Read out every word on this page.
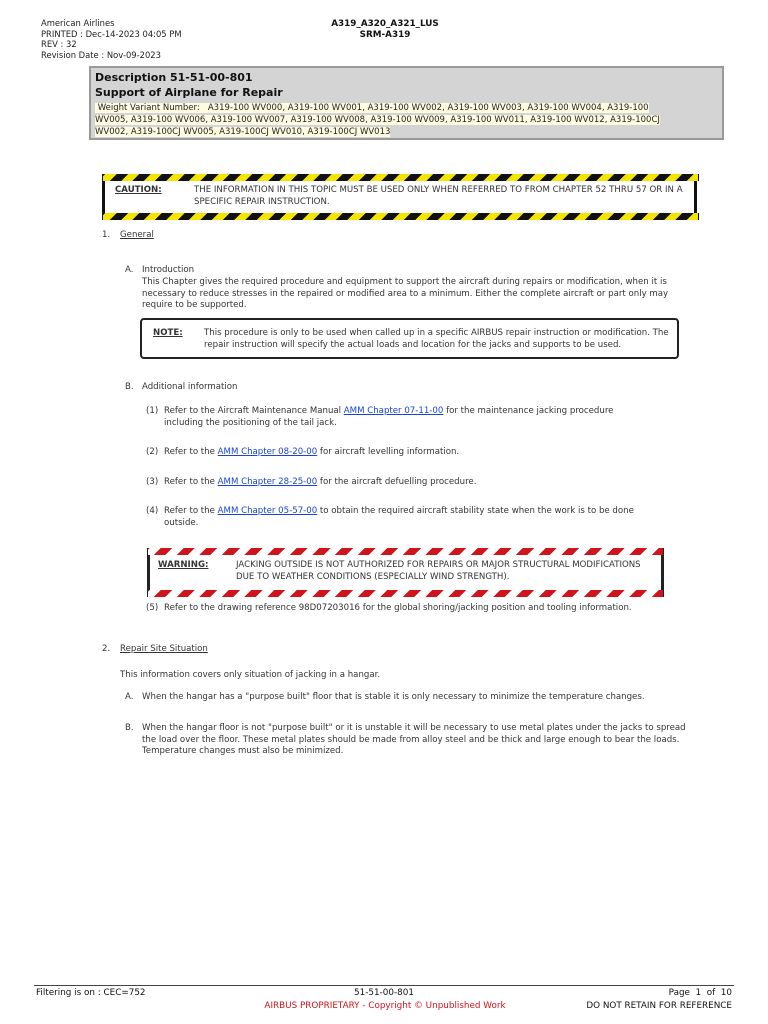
American Airlines
PRINTED : Dec-14-2023 04:05 PM
REV : 32
Revision Date : Nov-09-2023
A319_A320_A321_LUS
SRM-A319
Description 51-51-00-801
Support of Airplane for Repair
Weight Variant Number: A319-100 WV000, A319-100 WV001, A319-100 WV002, A319-100 WV003, A319-100 WV004, A319-100
WV005, A319-100 WV006, A319-100 WV007, A319-100 WV008, A319-100 WV009, A319-100 WV011, A319-100 WV012, A319-100CJ
WV002, A319-100CJ WV005, A319-100CJ WV010, A319-100CJ WV013
CAUTION:	THE INFORMATION IN THIS TOPIC MUST BE USED ONLY WHEN REFERRED TO FROM CHAPTER 52 THRU 57 OR IN A SPECIFIC REPAIR INSTRUCTION.
1. General
A. Introduction
This Chapter gives the required procedure and equipment to support the aircraft during repairs or modification, when it is necessary to reduce stresses in the repaired or modified area to a minimum. Either the complete aircraft or part only may require to be supported.
NOTE: This procedure is only to be used when called up in a specific AIRBUS repair instruction or modification. The repair instruction will specify the actual loads and location for the jacks and supports to be used.
B. Additional information
(1) Refer to the Aircraft Maintenance Manual AMM Chapter 07-11-00 for the maintenance jacking procedure
including the positioning of the tail jack.
(2) Refer to the AMM Chapter 08-20-00 for aircraft levelling information.
(3) Refer to the AMM Chapter 28-25-00 for the aircraft defuelling procedure.
(4) Refer to the AMM Chapter 05-57-00 to obtain the required aircraft stability state when the work is to be done
outside.
WARNING:	JACKING OUTSIDE IS NOT AUTHORIZED FOR REPAIRS OR MAJOR STRUCTURAL MODIFICATIONS DUE TO WEATHER CONDITIONS (ESPECIALLY WIND STRENGTH).
(5) Refer to the drawing reference 98D07203016 for the global shoring/jacking position and tooling information.
2. Repair Site Situation
This information covers only situation of jacking in a hangar.
A. When the hangar has a "purpose built" floor that is stable it is only necessary to minimize the temperature changes.
B. When the hangar floor is not "purpose built" or it is unstable it will be necessary to use metal plates under the jacks to spread the load over the floor. These metal plates should be made from alloy steel and be thick and large enough to bear the loads. Temperature changes must also be minimized.
Filtering is on : CEC=752	51-51-00-801
AIRBUS PROPRIETARY - Copyright © Unpublished Work
Page  1  of  10
DO NOT RETAIN FOR REFERENCE
